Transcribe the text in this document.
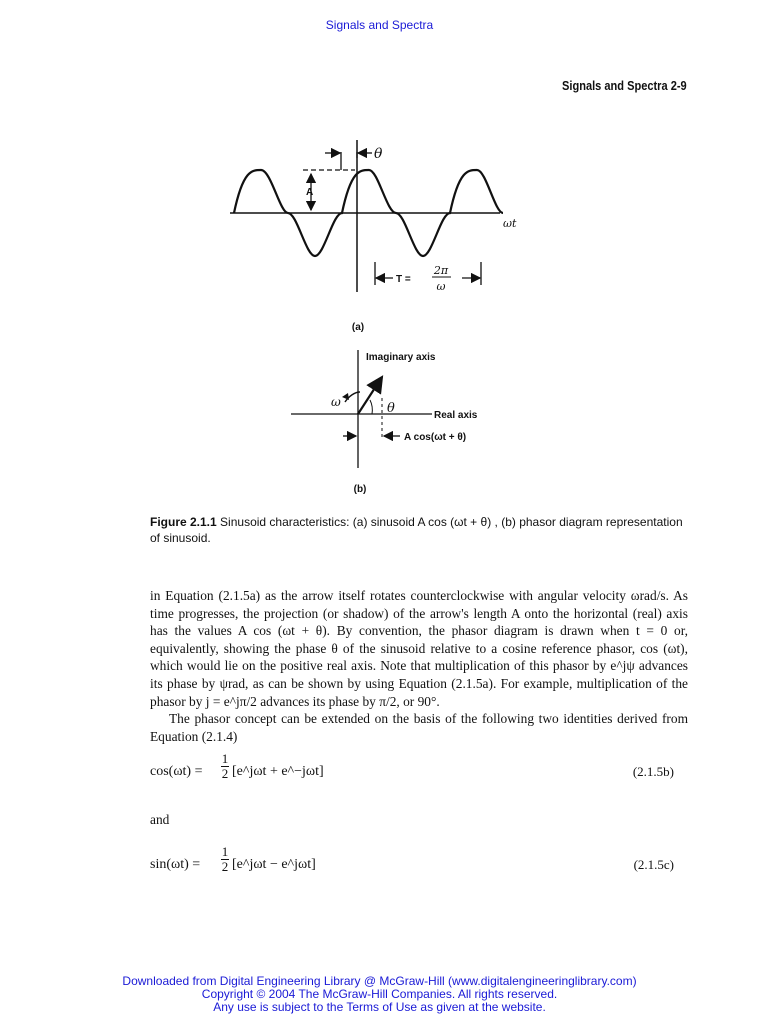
Signals and Spectra
Signals and Spectra 2-9
A
θ
ωt
T =
2π
ω
(a)
Imaginary axis
Real axis
ω	θ
A cos(ωt + θ)
(b)
Figure 2.1.1 Sinusoid characteristics: (a) sinusoid A cos (ωt + θ) , (b) phasor diagram representation of sinusoid.

in Equation (2.1.5a) as the arrow itself rotates counterclockwise with angular velocity ωrad/s. As time progresses, the projection (or shadow) of the arrow's length A onto the horizontal (real) axis has the values A cos (ωt + θ). By convention, the phasor diagram is drawn when t = 0 or, equivalently, showing the phase θ of the sinusoid relative to a cosine reference phasor, cos (ωt), which would lie on the positive real axis. Note that multiplication of this phasor by e^jψ advances its phase by ψrad, as can be shown by using Equation (2.1.5a). For example, multiplication of the phasor by j = e^jπ/2 advances its phase by π/2, or 90°.

The phasor concept can be extended on the basis of the following two identities derived from Equation (2.1.4)

cos(ωt) =
1
2 [e^jωt + e^−jωt]	(2.1.5b)
and
sin(ωt) =
1
2 [e^jωt − e^jωt]	(2.1.5c)
Downloaded from Digital Engineering Library @ McGraw-Hill (www.digitalengineeringlibrary.com)
Copyright © 2004 The McGraw-Hill Companies. All rights reserved.
Any use is subject to the Terms of Use as given at the website.
